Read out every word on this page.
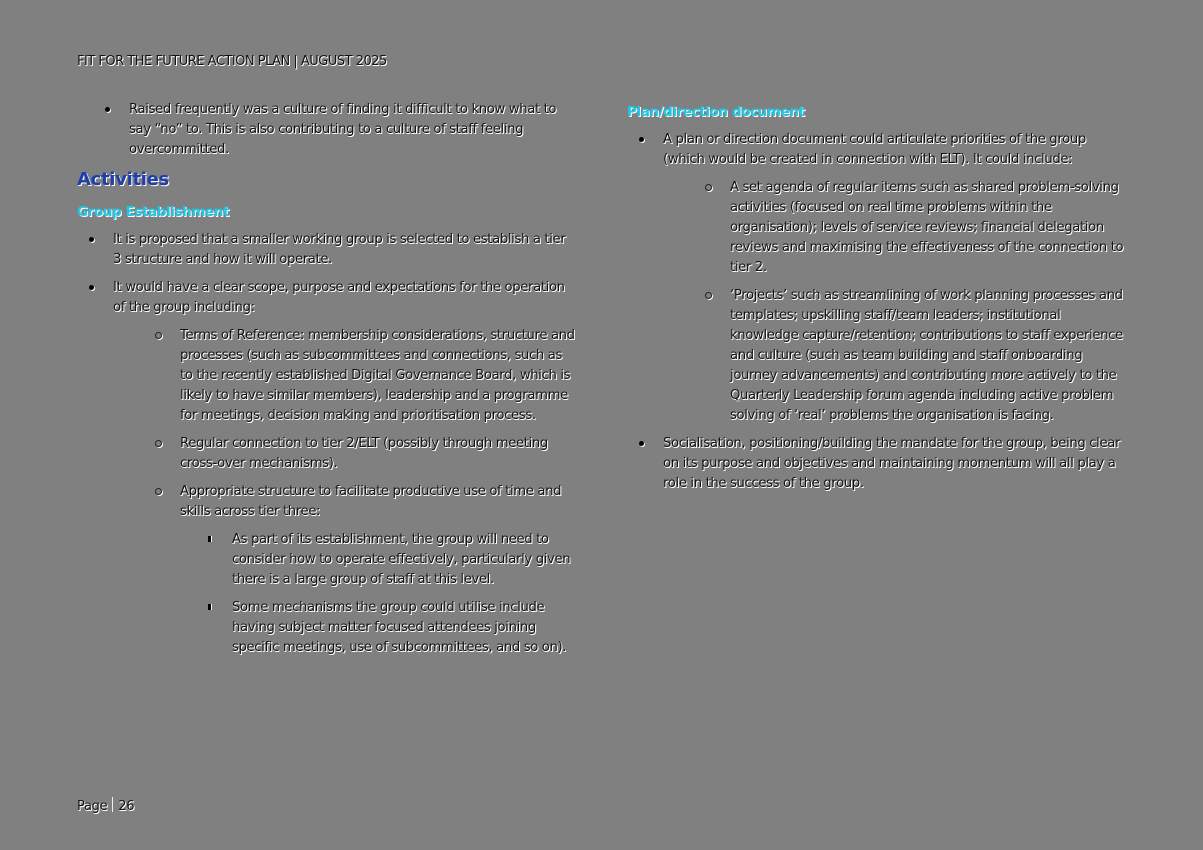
FIT FOR THE FUTURE ACTION PLAN | AUGUST 2025
Raised frequently was a culture of finding it difficult to know what to say “no” to. This is also contributing to a culture of staff feeling overcommitted.
Activities
Group Establishment
It is proposed that a smaller working group is selected to establish a tier 3 structure and how it will operate.
It would have a clear scope, purpose and expectations for the operation of the group including:
Terms of Reference: membership considerations, structure and processes (such as subcommittees and connections, such as to the recently established Digital Governance Board, which is likely to have similar members), leadership and a programme for meetings, decision making and prioritisation process.
Regular connection to tier 2/ELT (possibly through meeting cross-over mechanisms).
Appropriate structure to facilitate productive use of time and skills across tier three:
As part of its establishment, the group will need to consider how to operate effectively, particularly given there is a large group of staff at this level.
Some mechanisms the group could utilise include having subject matter focused attendees joining specific meetings, use of subcommittees, and so on).
Plan/direction document
A plan or direction document could articulate priorities of the group (which would be created in connection with ELT). It could include:
A set agenda of regular items such as shared problem-solving activities (focused on real time problems within the organisation); levels of service reviews; financial delegation reviews and maximising the effectiveness of the connection to tier 2.
‘Projects’ such as streamlining of work planning processes and templates; upskilling staff/team leaders; institutional knowledge capture/retention; contributions to staff experience and culture (such as team building and staff onboarding journey advancements) and contributing more actively to the Quarterly Leadership forum agenda including active problem solving of ‘real’ problems the organisation is facing.
Socialisation, positioning/building the mandate for the group, being clear on its purpose and objectives and maintaining momentum will all play a role in the success of the group.
Page 26
